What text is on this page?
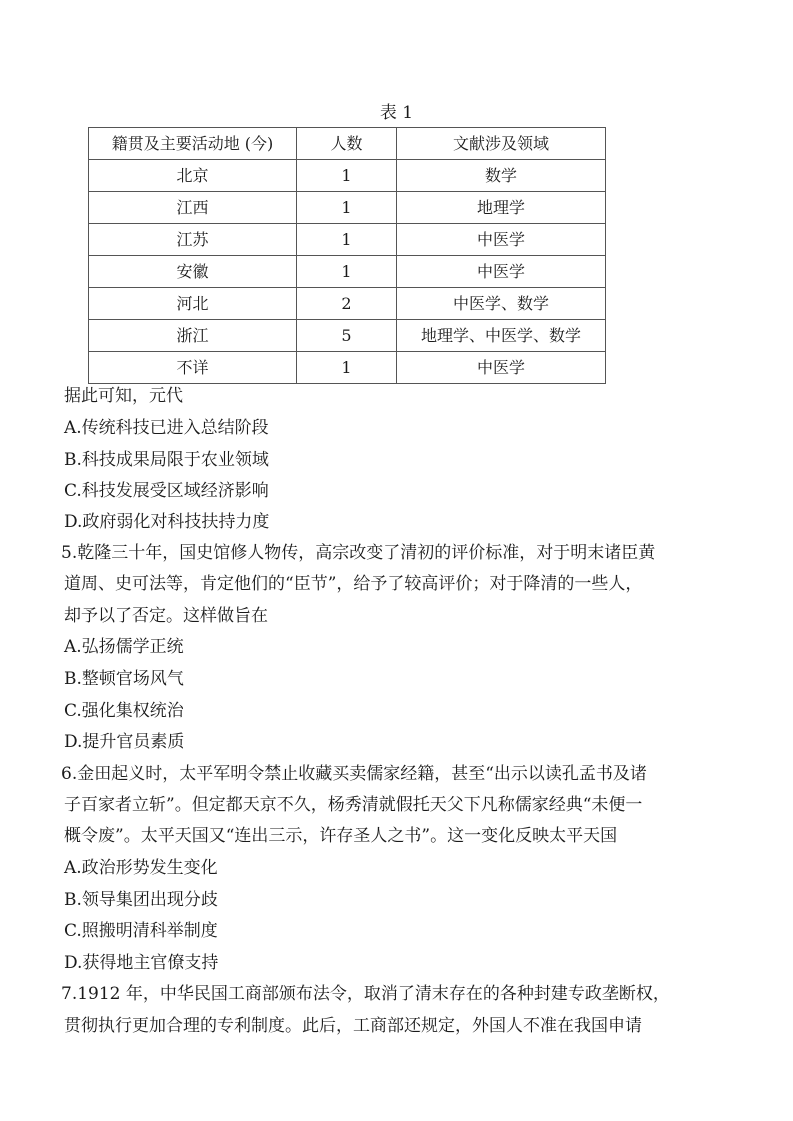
表 1
籍贯及主要活动地 (今)	人数	文献涉及领域
北京	1	数学
江西	1	地理学
江苏	1	中医学
安徽	1	中医学
河北	2	中医学、数学
浙江	5	地理学、中医学、数学
不详	1	中医学
据此可知，元代
A.传统科技已进入总结阶段
B.科技成果局限于农业领域
C.科技发展受区域经济影响
D.政府弱化对科技扶持力度
5.乾隆三十年，国史馆修人物传，高宗改变了清初的评价标准，对于明末诸臣黄
道周、史可法等，肯定他们的“臣节”，给予了较高评价；对于降清的一些人，
却予以了否定。这样做旨在
A.弘扬儒学正统
B.整顿官场风气
C.强化集权统治
D.提升官员素质
6.金田起义时，太平军明令禁止收藏买卖儒家经籍，甚至“出示以读孔孟书及诸
子百家者立斩”。但定都天京不久，杨秀清就假托天父下凡称儒家经典“未便一
概令废”。太平天国又“连出三示，许存圣人之书”。这一变化反映太平天国
A.政治形势发生变化
B.领导集团出现分歧
C.照搬明清科举制度
D.获得地主官僚支持
7.1912 年，中华民国工商部颁布法令，取消了清末存在的各种封建专政垄断权，
贯彻执行更加合理的专利制度。此后，工商部还规定，外国人不准在我国申请
